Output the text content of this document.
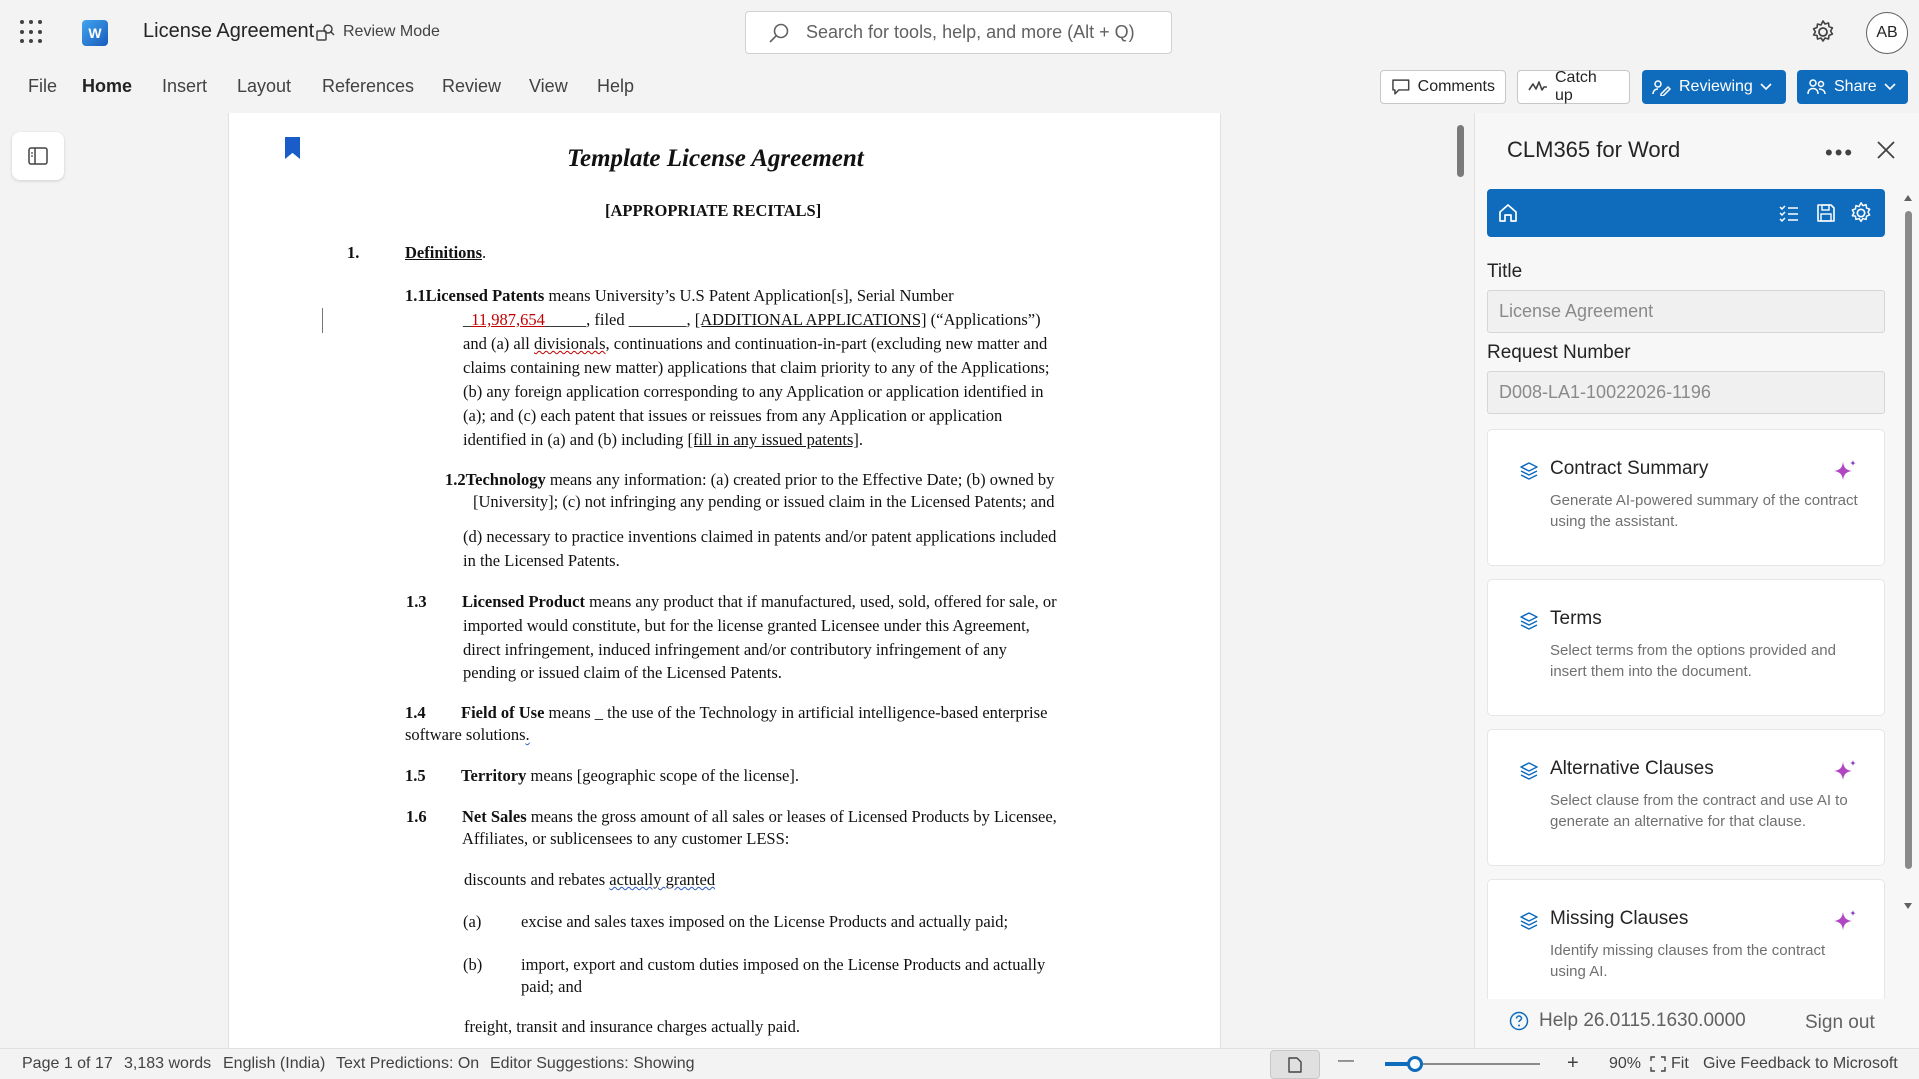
W	License Agreement Review Mode	Search for tools, help, and more (Alt + Q)	AB
File Home Insert Layout References Review View Help	Comments
Catch up
Reviewing	Share
Template License Agreement
[APPROPRIATE RECITALS]
1.	Definitions.
1.1Licensed Patents means University’s U.S Patent Application[s], Serial Number
_11,987,654_____, filed _______, [ADDITIONAL APPLICATIONS] (“Applications”)
and (a) all divisionals, continuations and continuation-in-part (excluding new matter and
claims containing new matter) applications that claim priority to any of the Applications;
(b) any foreign application corresponding to any Application or application identified in
(a); and (c) each patent that issues or reissues from any Application or application
identified in (a) and (b) including [fill in any issued patents].
1.2Technology means any information: (a) created prior to the Effective Date; (b) owned by
[University]; (c) not infringing any pending or issued claim in the Licensed Patents; and
(d) necessary to practice inventions claimed in patents and/or patent applications included
in the Licensed Patents.
1.3 Licensed Product means any product that if manufactured, used, sold, offered for sale, or
imported would constitute, but for the license granted Licensee under this Agreement,
direct infringement, induced infringement and/or contributory infringement of any
pending or issued claim of the Licensed Patents.
1.4 Field of Use means _ the use of the Technology in artificial intelligence-based enterprise
software solutions.
1.5 Territory means [geographic scope of the license].
1.6 Net Sales means the gross amount of all sales or leases of Licensed Products by Licensee,
Affiliates, or sublicensees to any customer LESS:
discounts and rebates actually granted
(a) excise and sales taxes imposed on the License Products and actually paid;
(b) import, export and custom duties imposed on the License Products and actually
paid; and
freight, transit and insurance charges actually paid.
CLM365 for Word	•••
Title
License Agreement
Request Number
D008-LA1-10022026-1196
Contract Summary
Generate AI-powered summary of the contract using the assistant.
Terms
Select terms from the options provided and insert them into the document.
Alternative Clauses
Select clause from the contract and use AI to generate an alternative for that clause.
Missing Clauses
Identify missing clauses from the contract using AI.
Help 26.0115.1630.0000	Sign out
Page 1 of 17 3,183 words English (India) Text Predictions: On Editor Suggestions: Showing	—	+ 90% Fit Give Feedback to Microsoft
